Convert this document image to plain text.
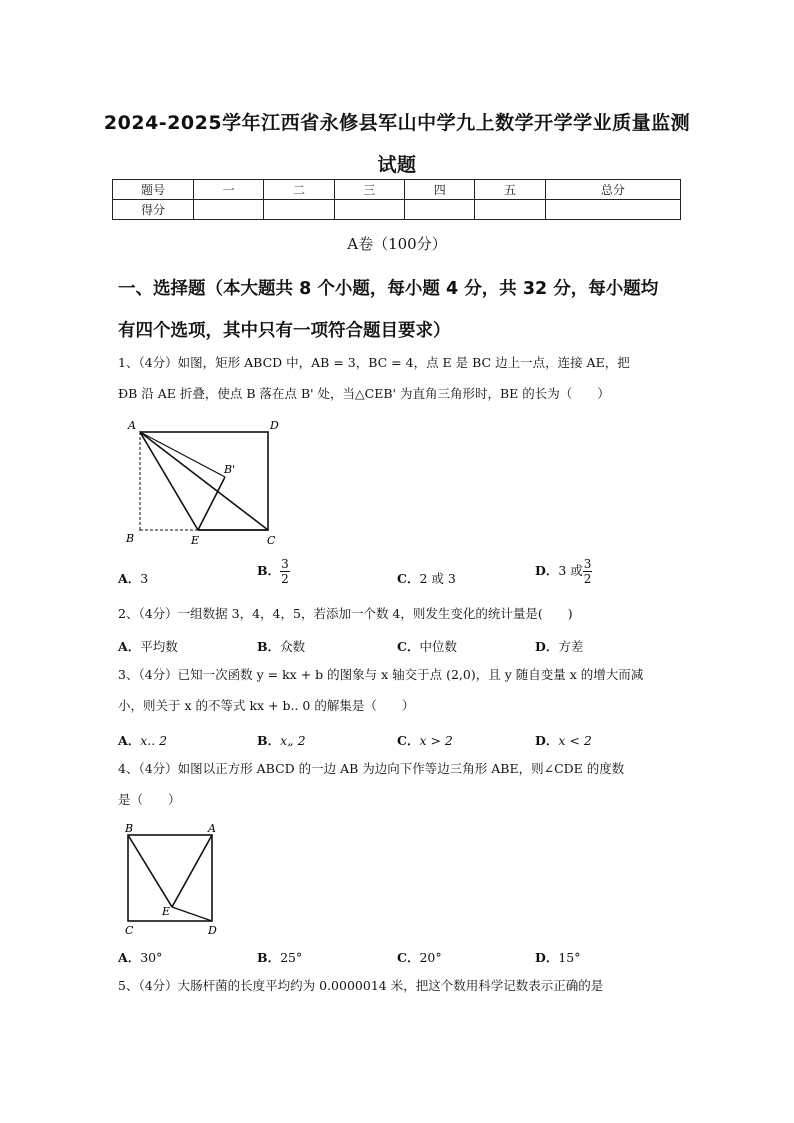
2024-2025学年江西省永修县军山中学九上数学开学学业质量监测
试题
题号	一	二	三	四	五	总分
得分						
A卷（100分）
一、选择题（本大题共 8 个小题，每小题 4 分，共 32 分，每小题均
有四个选项，其中只有一项符合题目要求）
1、（4分）如图，矩形 ABCD 中，AB = 3，BC = 4，点 E 是 BC 边上一点，连接 AE，把
ÐB 沿 AE 折叠，使点 B 落在点 B' 处，当△CEB' 为直角三角形时，BE 的长为（　　）
A	D
B'
B	E	C
A．3
B． $\frac{3}{2}$	C．2 或 3
D．3 或 $\frac{3}{2}$
2、（4分）一组数据 3，4，4，5，若添加一个数 4，则发生变化的统计量是(　　)
A．平均数	B．众数	C．中位数	D．方差
3、（4分）已知一次函数 y = kx + b 的图象与 x 轴交于点 (2,0)，且 y 随自变量 x 的增大而减
小，则关于 x 的不等式 kx + b.. 0 的解集是（　　）
A．x.. 2	B．x„ 2	C．x > 2	D．x < 2
4、（4分）如图以正方形 ABCD 的一边 AB 为边向下作等边三角形 ABE，则∠CDE 的度数
是（　　）
B	A
E
C	D
A．30°	B．25°	C．20°	D．15°
5、（4分）大肠杆菌的长度平均约为 0.0000014 米，把这个数用科学记数表示正确的是
